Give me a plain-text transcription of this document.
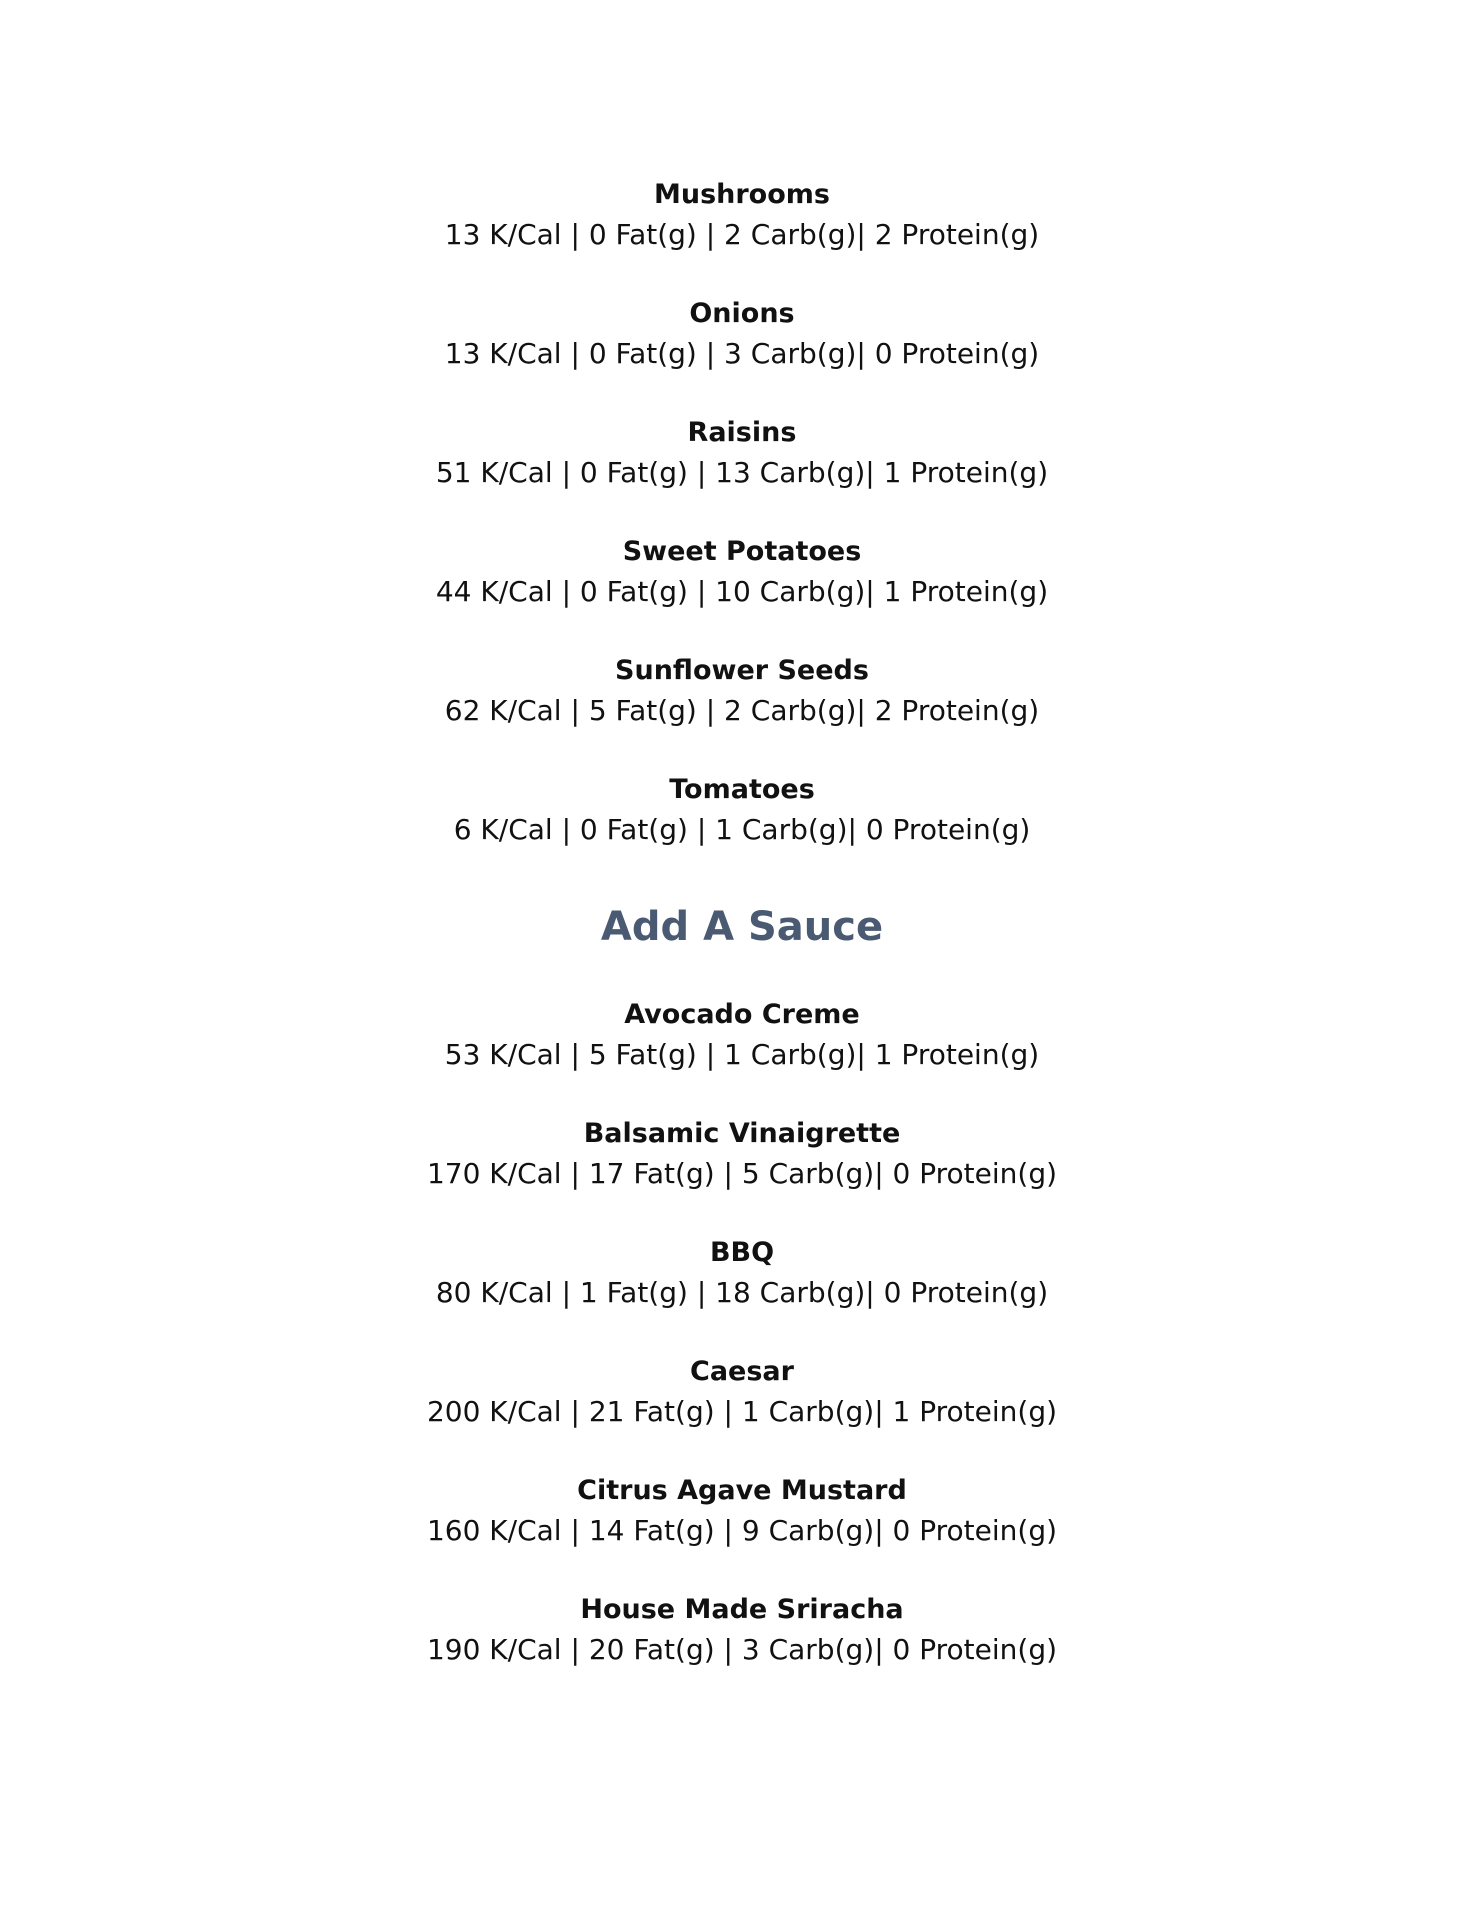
Mushrooms
13 K/Cal | 0 Fat(g) | 2 Carb(g)| 2 Protein(g)
Onions
13 K/Cal | 0 Fat(g) | 3 Carb(g)| 0 Protein(g)
Raisins
51 K/Cal | 0 Fat(g) | 13 Carb(g)| 1 Protein(g)
Sweet Potatoes
44 K/Cal | 0 Fat(g) | 10 Carb(g)| 1 Protein(g)
Sunflower Seeds
62 K/Cal | 5 Fat(g) | 2 Carb(g)| 2 Protein(g)
Tomatoes
6 K/Cal | 0 Fat(g) | 1 Carb(g)| 0 Protein(g)
Add A Sauce
Avocado Creme
53 K/Cal | 5 Fat(g) | 1 Carb(g)| 1 Protein(g)
Balsamic Vinaigrette
170 K/Cal | 17 Fat(g) | 5 Carb(g)| 0 Protein(g)
BBQ
80 K/Cal | 1 Fat(g) | 18 Carb(g)| 0 Protein(g)
Caesar
200 K/Cal | 21 Fat(g) | 1 Carb(g)| 1 Protein(g)
Citrus Agave Mustard
160 K/Cal | 14 Fat(g) | 9 Carb(g)| 0 Protein(g)
House Made Sriracha
190 K/Cal | 20 Fat(g) | 3 Carb(g)| 0 Protein(g)
